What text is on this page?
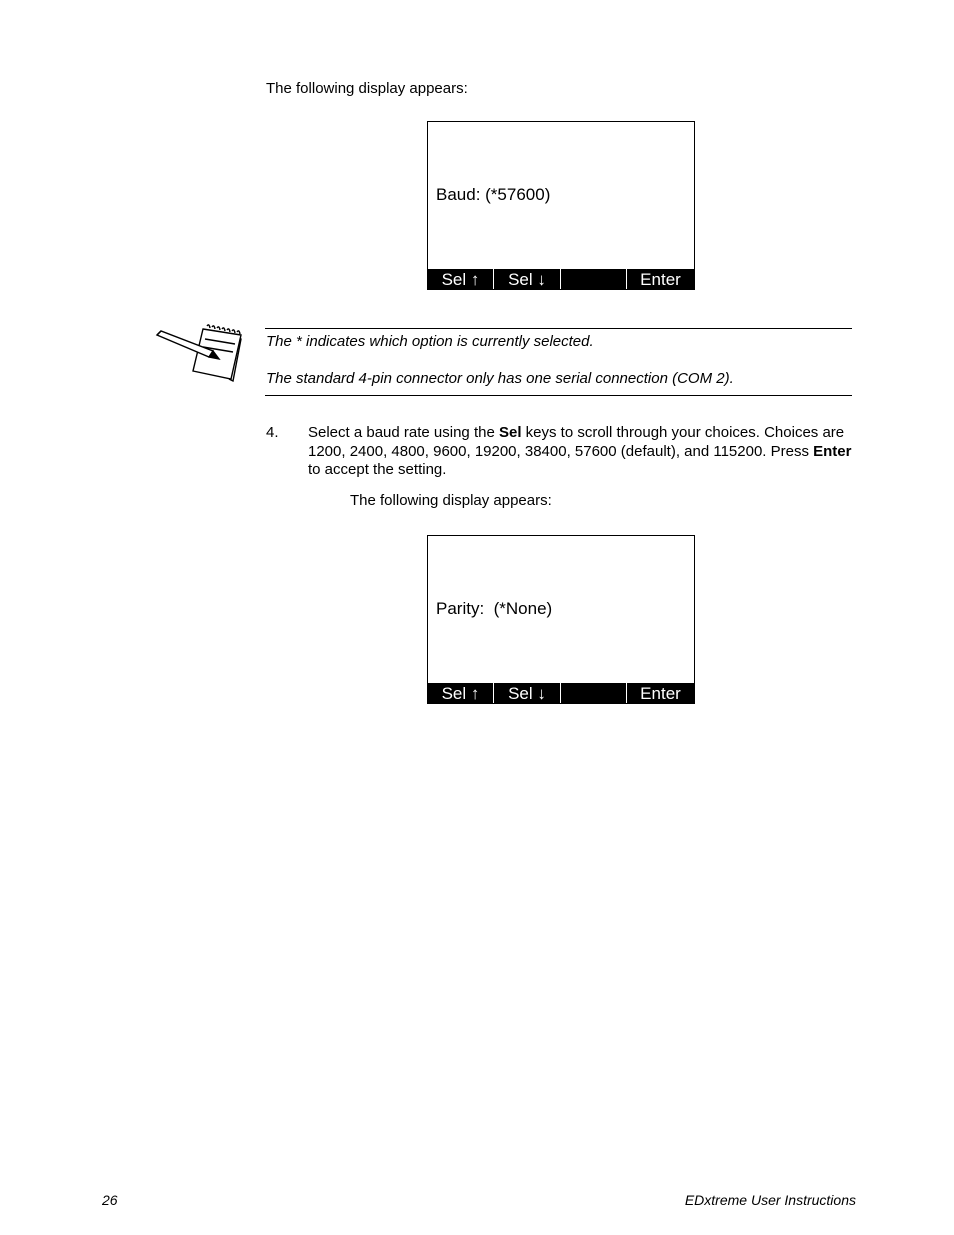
The following display appears:
Baud: (*57600)
Sel ↑	Sel ↓	Enter
The * indicates which option is currently selected.
The standard 4-pin connector only has one serial connection (COM 2).
4. Select a baud rate using the Sel keys to scroll through your choices. Choices are 1200, 2400, 4800, 9600, 19200, 38400, 57600 (default), and 115200. Press Enter to accept the setting.
The following display appears:
Parity:  (*None)
Sel ↑	Sel ↓	Enter
26	EDxtreme User Instructions
